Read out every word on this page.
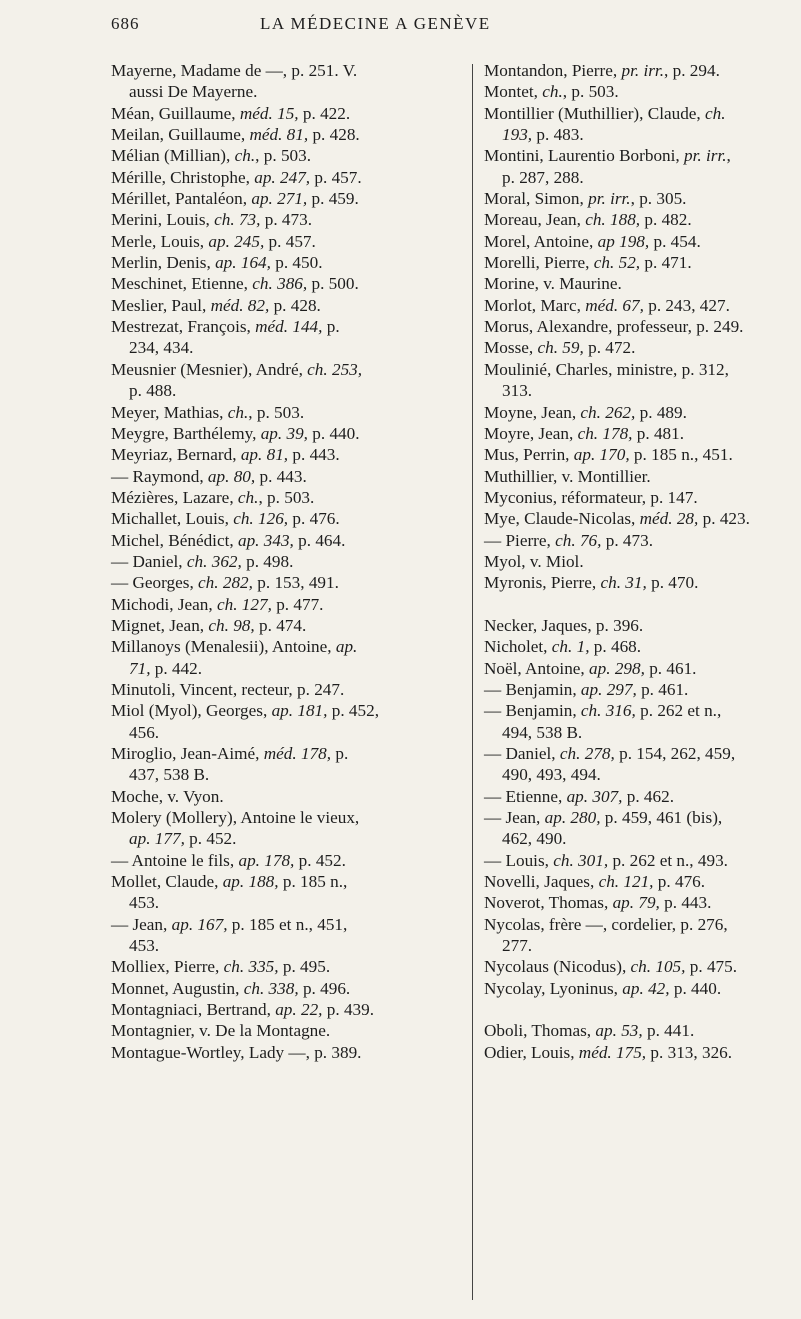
686	LA MÉDECINE A GENÈVE

Mayerne, Madame de —, p. 251. V.
aussi De Mayerne.

Méan, Guillaume, méd. 15, p. 422.

Meilan, Guillaume, méd. 81, p. 428.

Mélian (Millian), ch., p. 503.

Mérille, Christophe, ap. 247, p. 457.

Mérillet, Pantaléon, ap. 271, p. 459.

Merini, Louis, ch. 73, p. 473.

Merle, Louis, ap. 245, p. 457.

Merlin, Denis, ap. 164, p. 450.

Meschinet, Etienne, ch. 386, p. 500.

Meslier, Paul, méd. 82, p. 428.

Mestrezat, François, méd. 144, p.
234, 434.

Meusnier (Mesnier), André, ch. 253,
p. 488.

Meyer, Mathias, ch., p. 503.

Meygre, Barthélemy, ap. 39, p. 440.

Meyriaz, Bernard, ap. 81, p. 443.

— Raymond, ap. 80, p. 443.

Mézières, Lazare, ch., p. 503.

Michallet, Louis, ch. 126, p. 476.

Michel, Bénédict, ap. 343, p. 464.

— Daniel, ch. 362, p. 498.

— Georges, ch. 282, p. 153, 491.

Michodi, Jean, ch. 127, p. 477.

Mignet, Jean, ch. 98, p. 474.

Millanoys (Menalesii), Antoine, ap.
71, p. 442.

Minutoli, Vincent, recteur, p. 247.

Miol (Myol), Georges, ap. 181, p. 452,
456.

Miroglio, Jean-Aimé, méd. 178, p.
437, 538 B.

Moche, v. Vyon.

Molery (Mollery), Antoine le vieux,
ap. 177, p. 452.

— Antoine le fils, ap. 178, p. 452.

Mollet, Claude, ap. 188, p. 185 n.,
453.

— Jean, ap. 167, p. 185 et n., 451,
453.

Molliex, Pierre, ch. 335, p. 495.

Monnet, Augustin, ch. 338, p. 496.

Montagniaci, Bertrand, ap. 22, p. 439.

Montagnier, v. De la Montagne.

Montague-Wortley, Lady —, p. 389.

Montandon, Pierre, pr. irr., p. 294.

Montet, ch., p. 503.

Montillier (Muthillier), Claude, ch.
193, p. 483.

Montini, Laurentio Borboni, pr. irr.,
p. 287, 288.

Moral, Simon, pr. irr., p. 305.

Moreau, Jean, ch. 188, p. 482.

Morel, Antoine, ap 198, p. 454.

Morelli, Pierre, ch. 52, p. 471.

Morine, v. Maurine.

Morlot, Marc, méd. 67, p. 243, 427.

Morus, Alexandre, professeur, p. 249.

Mosse, ch. 59, p. 472.

Moulinié, Charles, ministre, p. 312,
313.

Moyne, Jean, ch. 262, p. 489.

Moyre, Jean, ch. 178, p. 481.

Mus, Perrin, ap. 170, p. 185 n., 451.

Muthillier, v. Montillier.

Myconius, réformateur, p. 147.

Mye, Claude-Nicolas, méd. 28, p. 423.

— Pierre, ch. 76, p. 473.

Myol, v. Miol.

Myronis, Pierre, ch. 31, p. 470.

Necker, Jaques, p. 396.

Nicholet, ch. 1, p. 468.

Noël, Antoine, ap. 298, p. 461.

— Benjamin, ap. 297, p. 461.

— Benjamin, ch. 316, p. 262 et n.,
494, 538 B.

— Daniel, ch. 278, p. 154, 262, 459,
490, 493, 494.

— Etienne, ap. 307, p. 462.

— Jean, ap. 280, p. 459, 461 (bis),
462, 490.

— Louis, ch. 301, p. 262 et n., 493.

Novelli, Jaques, ch. 121, p. 476.

Noverot, Thomas, ap. 79, p. 443.

Nycolas, frère —, cordelier, p. 276,
277.

Nycolaus (Nicodus), ch. 105, p. 475.

Nycolay, Lyoninus, ap. 42, p. 440.

Oboli, Thomas, ap. 53, p. 441.

Odier, Louis, méd. 175, p. 313, 326.
